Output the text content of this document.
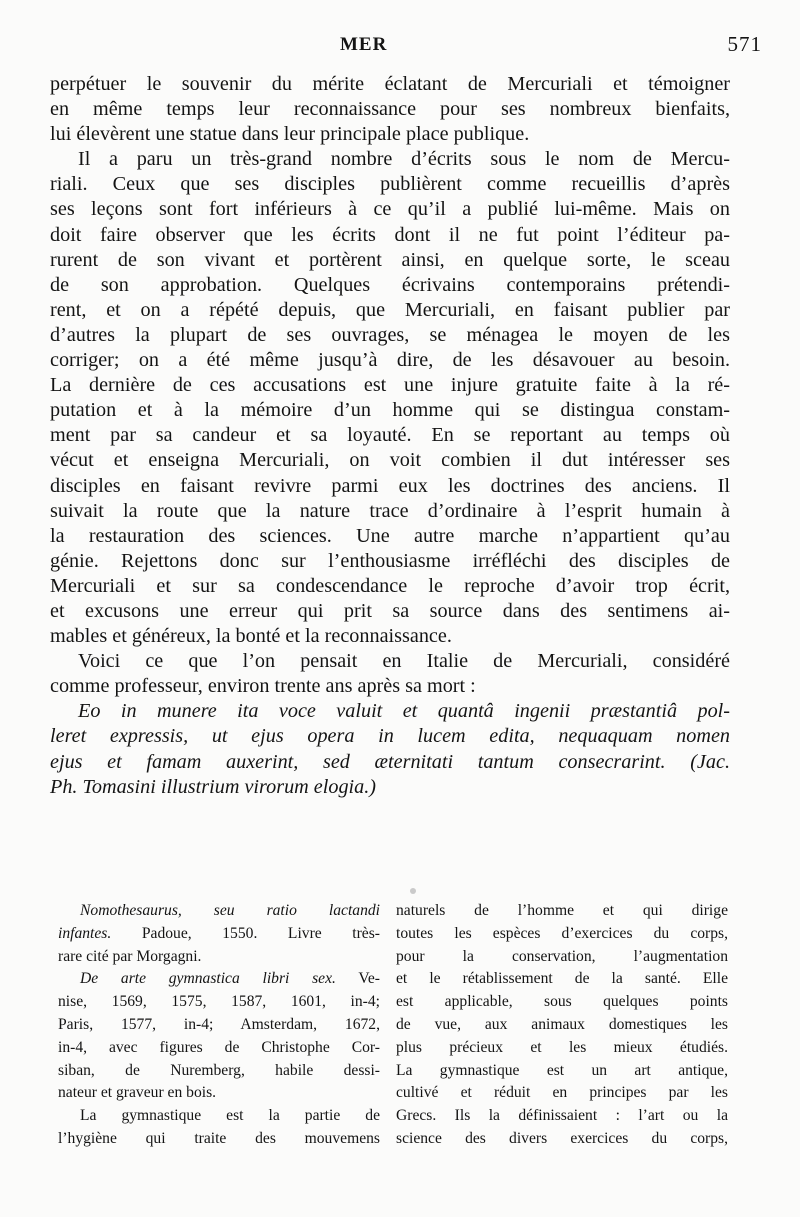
MER	571

perpétuer le souvenir du mérite éclatant de Mercuriali et témoigner
en même temps leur reconnaissance pour ses nombreux bienfaits,
lui élevèrent une statue dans leur principale place publique.

Il a paru un très-grand nombre d’écrits sous le nom de Mercu-
riali. Ceux que ses disciples publièrent comme recueillis d’après
ses leçons sont fort inférieurs à ce qu’il a publié lui-même. Mais on
doit faire observer que les écrits dont il ne fut point l’éditeur pa-
rurent de son vivant et portèrent ainsi, en quelque sorte, le sceau
de son approbation. Quelques écrivains contemporains prétendi-
rent, et on a répété depuis, que Mercuriali, en faisant publier par
d’autres la plupart de ses ouvrages, se ménagea le moyen de les
corriger; on a été même jusqu’à dire, de les désavouer au besoin.
La dernière de ces accusations est une injure gratuite faite à la ré-
putation et à la mémoire d’un homme qui se distingua constam-
ment par sa candeur et sa loyauté. En se reportant au temps où
vécut et enseigna Mercuriali, on voit combien il dut intéresser ses
disciples en faisant revivre parmi eux les doctrines des anciens. Il
suivait la route que la nature trace d’ordinaire à l’esprit humain à
la restauration des sciences. Une autre marche n’appartient qu’au
génie. Rejettons donc sur l’enthousiasme irréfléchi des disciples de
Mercuriali et sur sa condescendance le reproche d’avoir trop écrit,
et excusons une erreur qui prit sa source dans des sentimens ai-
mables et généreux, la bonté et la reconnaissance.

Voici ce que l’on pensait en Italie de Mercuriali, considéré
comme professeur, environ trente ans après sa mort :

Eo in munere ita voce valuit et quantâ ingenii præstantiâ pol-
leret expressis, ut ejus opera in lucem edita, nequaquam nomen
ejus et famam auxerint, sed æternitati tantum consecrarint. (Jac.
Ph. Tomasini illustrium virorum elogia.)

Nomothesaurus, seu ratio lactandi
infantes. Padoue, 1550. Livre très-
rare cité par Morgagni.
De arte gymnastica libri sex. Ve-
nise, 1569, 1575, 1587, 1601, in-4;
Paris, 1577, in-4; Amsterdam, 1672,
in-4, avec figures de Christophe Cor-
siban, de Nuremberg, habile dessi-
nateur et graveur en bois.
La gymnastique est la partie de
l’hygiène qui traite des mouvemens
naturels de l’homme et qui dirige
toutes les espèces d’exercices du corps,
pour la conservation, l’augmentation
et le rétablissement de la santé. Elle
est applicable, sous quelques points
de vue, aux animaux domestiques les
plus précieux et les mieux étudiés.
La gymnastique est un art antique,
cultivé et réduit en principes par les
Grecs. Ils la définissaient : l’art ou la
science des divers exercices du corps,
